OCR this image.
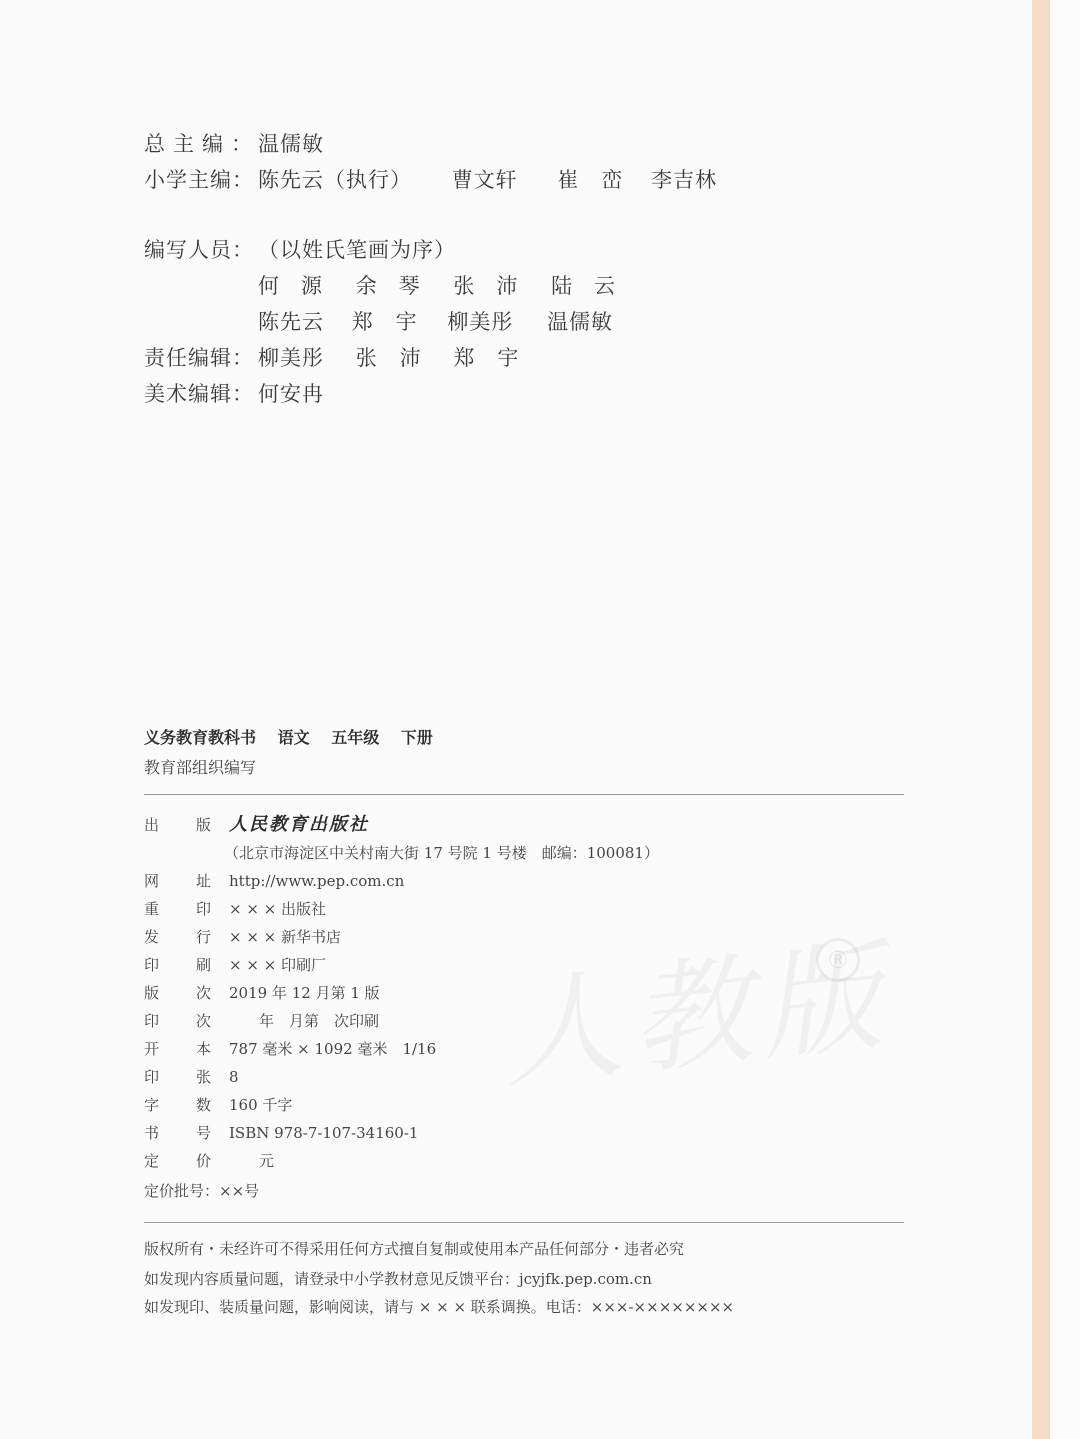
®
总主编：
温儒敏
小学主编： 陈先云（执行） 曹文轩 崔　峦 李吉林
编写人员： （以姓氏笔画为序）
何源 余琴 张沛 陆云
陈先云 郑　宇 柳美彤 温儒敏
责任编辑： 柳美彤 张　沛 郑　宇
美术编辑： 何安冉
义务教育教科书 语文 五年级 下册
教育部组织编写
出 版 人民教育出版社
（北京市海淀区中关村南大街 17 号院 1 号楼　邮编：100081）
网 址 http://www.pep.com.cn
重 印 × × × 出版社
发 行 × × × 新华书店
印 刷 × × × 印刷厂
版 次 2019 年 12 月第 1 版
印 次 　　年　月第　次印刷
开 本 787 毫米 × 1092 毫米　1/16
印 张 8
字 数 160 千字
书 号 ISBN 978-7-107-34160-1
定 价 　　元
定价批号：××号
版权所有・未经许可不得采用任何方式擅自复制或使用本产品任何部分・违者必究
如发现内容质量问题，请登录中小学教材意见反馈平台：jcyjfk.pep.com.cn
如发现印、装质量问题，影响阅读，请与 × × × 联系调换。电话：×××-××××××××
